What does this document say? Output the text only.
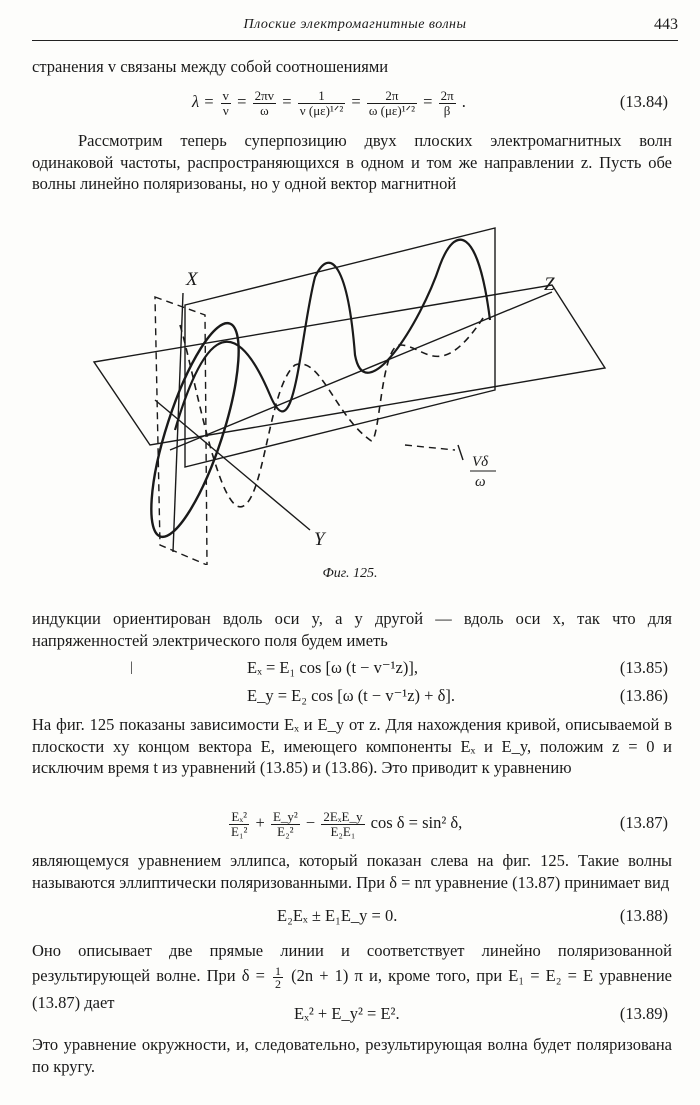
Плоские электромагнитные волны	443

странения v связаны между собой соотношениями

$\lambda = \frac{v}{\nu} = \frac{2\pi v}{\omega} = \frac{1}{\text{ν (με)¹ᐟ²}} = \frac{2\pi}{\text{ω (με)¹ᐟ²}} = \frac{2\pi}{\beta}$ .	(13.84)

Рассмотрим теперь суперпозицию двух плоских электромагнитных волн одинаковой частоты, распространяющихся в одном и том же направлении z. Пусть обе волны линейно поляризованы, но у одной вектор магнитной

X
Y
Z
Vδ
ω
Фиг. 125.

индукции ориентирован вдоль оси y, а у другой — вдоль оси x, так что для напряженностей электрического поля будем иметь

|	Eₓ = E₁ cos [ω (t − v⁻¹z)],	(13.85)
E_y = E₂ cos [ω (t − v⁻¹z) + δ].	(13.86)

На фиг. 125 показаны зависимости Eₓ и E_y от z. Для нахождения кривой, описываемой в плоскости xy концом вектора E, имеющего компоненты Eₓ и E_y, положим z = 0 и исключим время t из уравнений (13.85) и (13.86). Это приводит к уравнению

$\frac{\text{Eₓ²}}{\text{E₁²}} + \frac{\text{E\_y²}}{\text{E₂²}} - \frac{\text{2EₓE\_y}}{\text{E₂E₁}}$ cos δ = sin² δ,	(13.87)

являющемуся уравнением эллипса, который показан слева на фиг. 125. Такие волны называются эллиптически поляризованными. При δ = nπ уравнение (13.87) принимает вид

E₂Eₓ ± E₁E_y = 0.	(13.88)

Оно описывает две прямые линии и соответствует линейно поляризованной результирующей волне. При $\delta = \frac{1}{2} (2n + 1)$ π и, кроме того, при E₁ = E₂ = E уравнение (13.87) дает

Eₓ² + E_y² = E².	(13.89)

Это уравнение окружности, и, следовательно, результирующая волна будет поляризована по кругу.
